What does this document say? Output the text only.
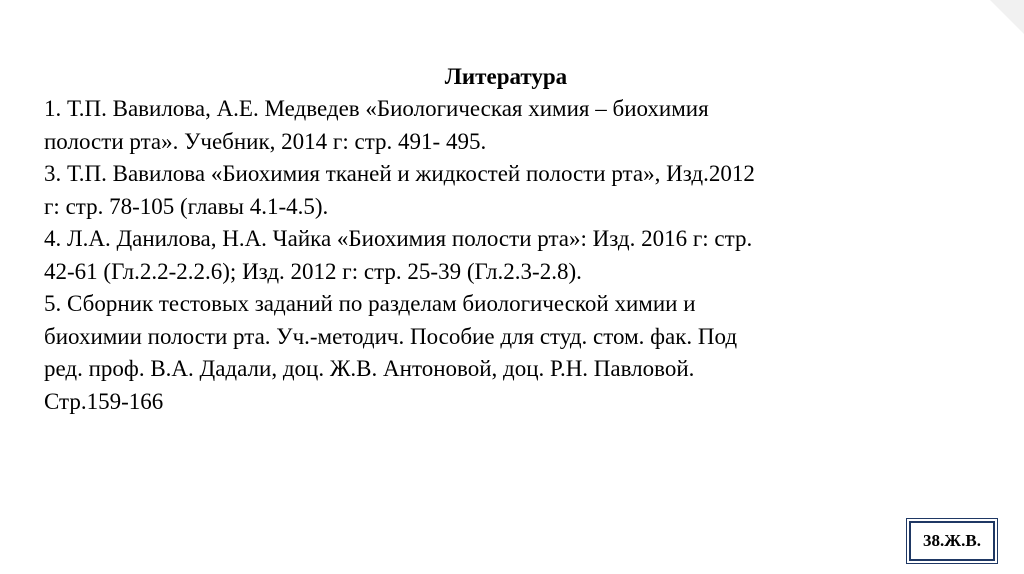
Литература

1. Т.П. Вавилова, А.Е. Медведев «Биологическая химия – биохимия
полости рта». Учебник, 2014 г: стр. 491- 495.

3. Т.П. Вавилова «Биохимия тканей и жидкостей полости рта», Изд.2012
г: стр. 78-105 (главы 4.1-4.5).

4. Л.А. Данилова, Н.А. Чайка «Биохимия полости рта»: Изд. 2016 г: стр.
42-61 (Гл.2.2-2.2.6); Изд. 2012 г: стр. 25-39 (Гл.2.3-2.8).

5. Сборник тестовых заданий по разделам биологической химии и
биохимии полости рта. Уч.-методич. Пособие для студ. стом. фак. Под
ред. проф. В.А. Дадали, доц. Ж.В. Антоновой, доц. Р.Н. Павловой.
Стр.159-166

38.Ж.В.
